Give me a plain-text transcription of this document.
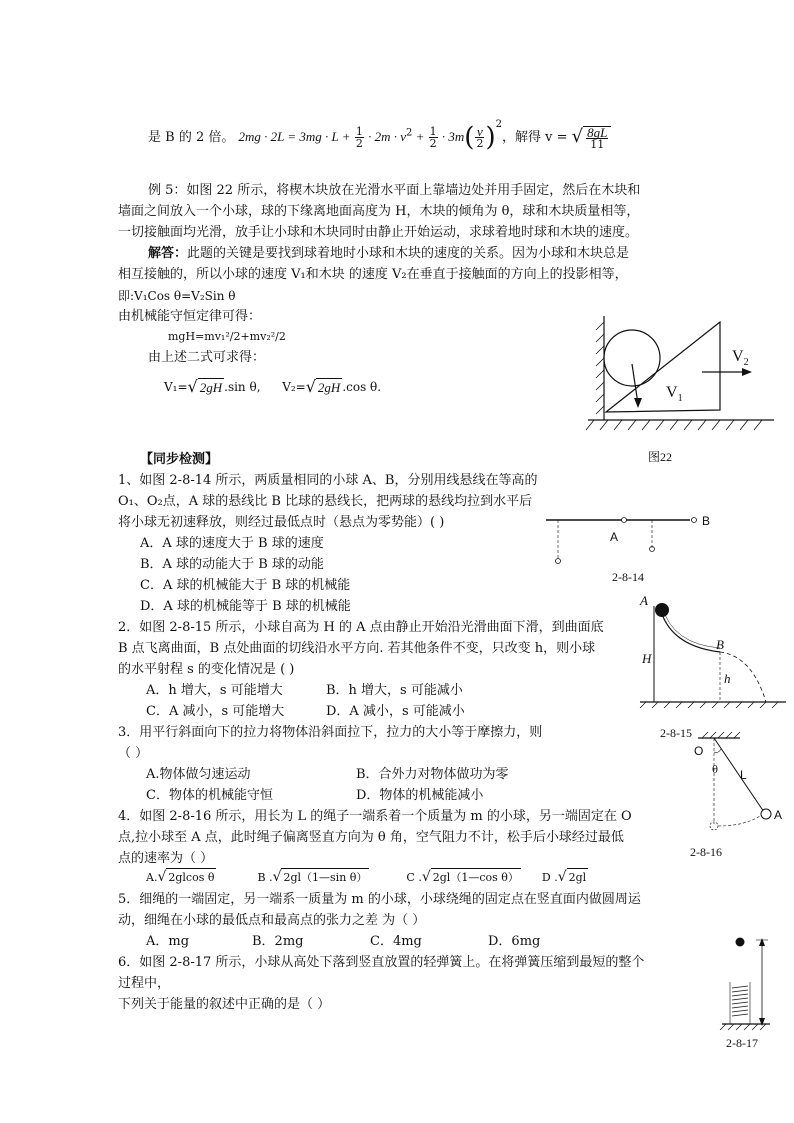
是 B 的 2 倍。 $2mg \cdot 2L = 3mg \cdot L + \frac{1}{2} \cdot 2m \cdot v^2 + \frac{1}{2} \cdot 3m( \frac{v}{2} )^2$，解得 v = √ $\frac{8gL}{11}$
例 5：如图 22 所示，将楔木块放在光滑水平面上靠墙边处并用手固定，然后在木块和
墙面之间放入一个小球，球的下缘离地面高度为 H，木块的倾角为 θ，球和木块质量相等，
一切接触面均光滑，放手让小球和木块同时由静止开始运动，求球着地时球和木块的速度。
解答：此题的关键是要找到球着地时小球和木块的速度的关系。因为小球和木块总是
相互接触的，所以小球的速度 V₁和木块 的速度 V₂在垂直于接触面的方向上的投影相等，
即:V₁Cos θ=V₂Sin θ
由机械能守恒定律可得：
mgH=mv₁²/2+mv₂²/2
由上述二式可求得：
V₁=√ 2gH .sin θ, V₂=√ 2gH .cos θ.
$V_2$
$V_1$
图22
【同步检测】
1、如图 2-8-14 所示，两质量相同的小球 A、B，分别用线悬线在等高的
O₁、O₂点，A 球的悬线比 B 比球的悬线长，把两球的悬线均拉到水平后
将小球无初速释放，则经过最低点时（悬点为零势能）( )
A．A 球的速度大于 B 球的速度
B．A 球的动能大于 B 球的动能
C．A 球的机械能大于 B 球的机械能
D．A 球的机械能等于 B 球的机械能
A
B
2-8-14
2．如图 2-8-15 所示，小球自高为 H 的 A 点由静止开始沿光滑曲面下滑，到曲面底
B 点飞离曲面，B 点处曲面的切线沿水平方向. 若其他条件不变，只改变 h，则小球
的水平射程 s 的变化情况是 ( )
A．h 增大，s 可能增大	B．h 增大，s 可能减小
C．A 减小，s 可能增大	D．A 减小，s 可能减小
A
B
H
h
3．用平行斜面向下的拉力将物体沿斜面拉下，拉力的大小等于摩擦力，则
（ ）
A.物体做匀速运动	B．合外力对物体做功为零
C．物体的机械能守恒	D．物体的机械能减小
2-8-15
O
θ L
A
2-8-16
4．如图 2-8-16 所示，用长为 L 的绳子一端系着一个质量为 m 的小球，另一端固定在 O
点,拉小球至 A 点，此时绳子偏离竖直方向为 θ 角，空气阻力不计，松手后小球经过最低
点的速率为（ ）
A.√ 2glcos θ	B .√ 2gl（1—sin θ）	C .√ 2gl（1—cos θ） D .√ 2gl
5．细绳的一端固定，另一端系一质量为 m 的小球，小球绕绳的固定点在竖直面内做圆周运
动，细绳在小球的最低点和最高点的张力之差 为（ ）
A．mg	B．2mg	C．4mg	D．6mg
6．如图 2-8-17 所示，小球从高处下落到竖直放置的轻弹簧上。在将弹簧压缩到最短的整个
过程中，
下列关于能量的叙述中正确的是（ ）
2-8-17
